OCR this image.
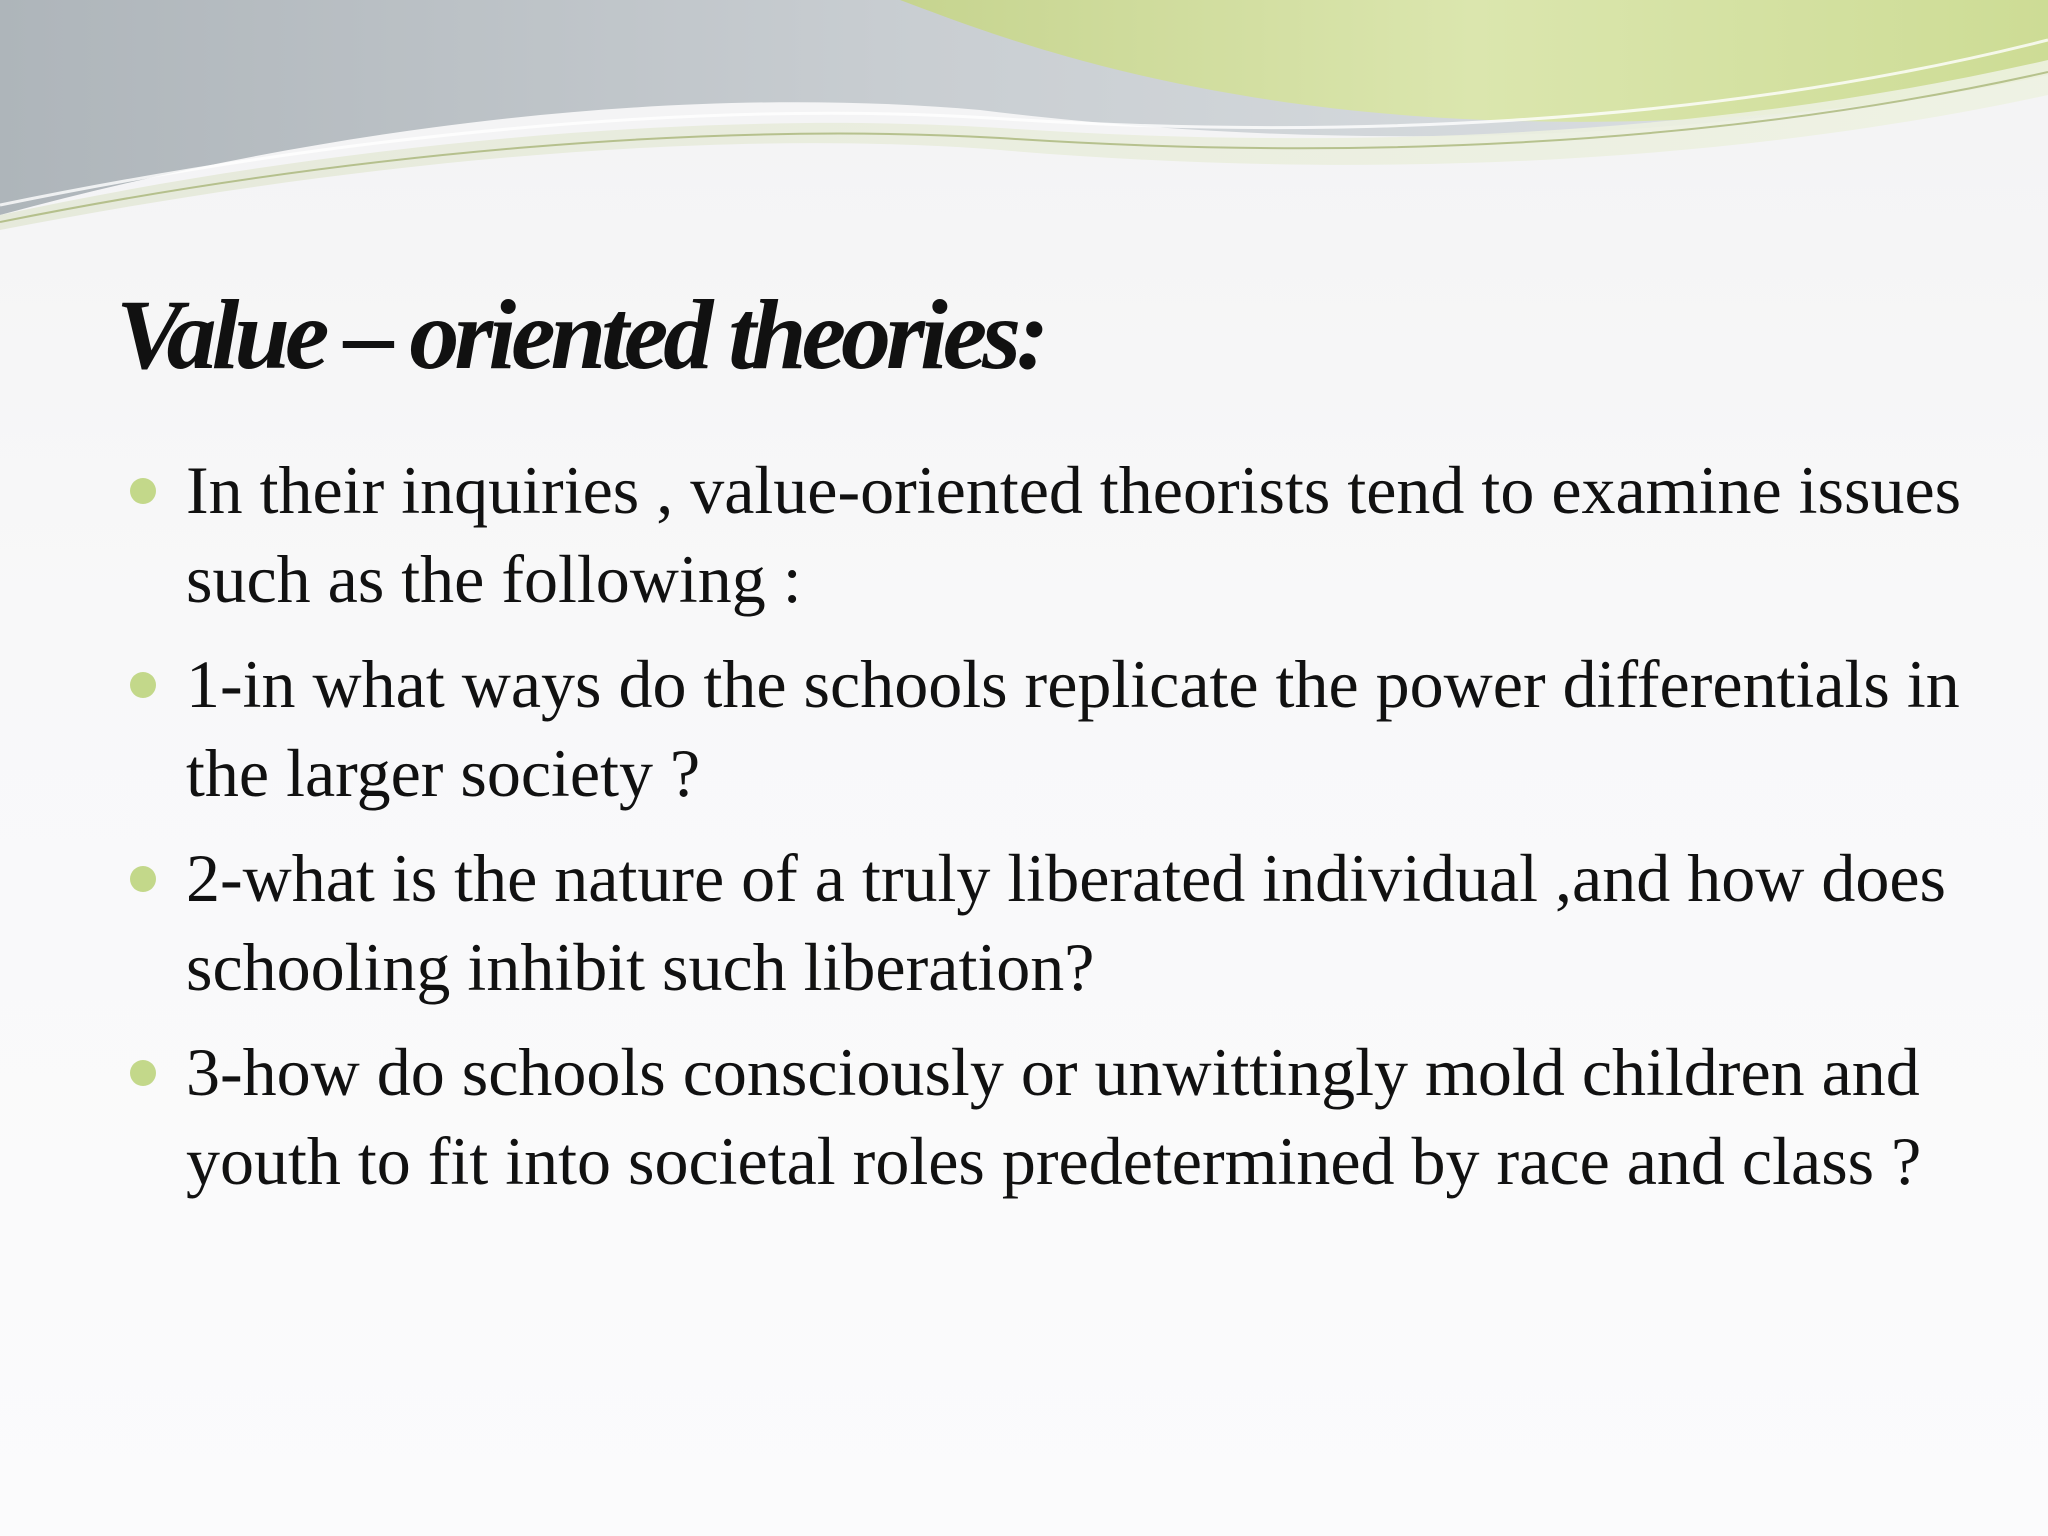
Value – oriented theories:
In their inquiries , value-oriented theorists tend to examine issues such as the following :
1-in what ways do the schools replicate the power differentials in the larger society ?
2-what is the nature of a truly liberated individual ,and how does schooling inhibit such liberation?
3-how do schools consciously or unwittingly mold children and youth to fit into societal roles predetermined by race and class ?
